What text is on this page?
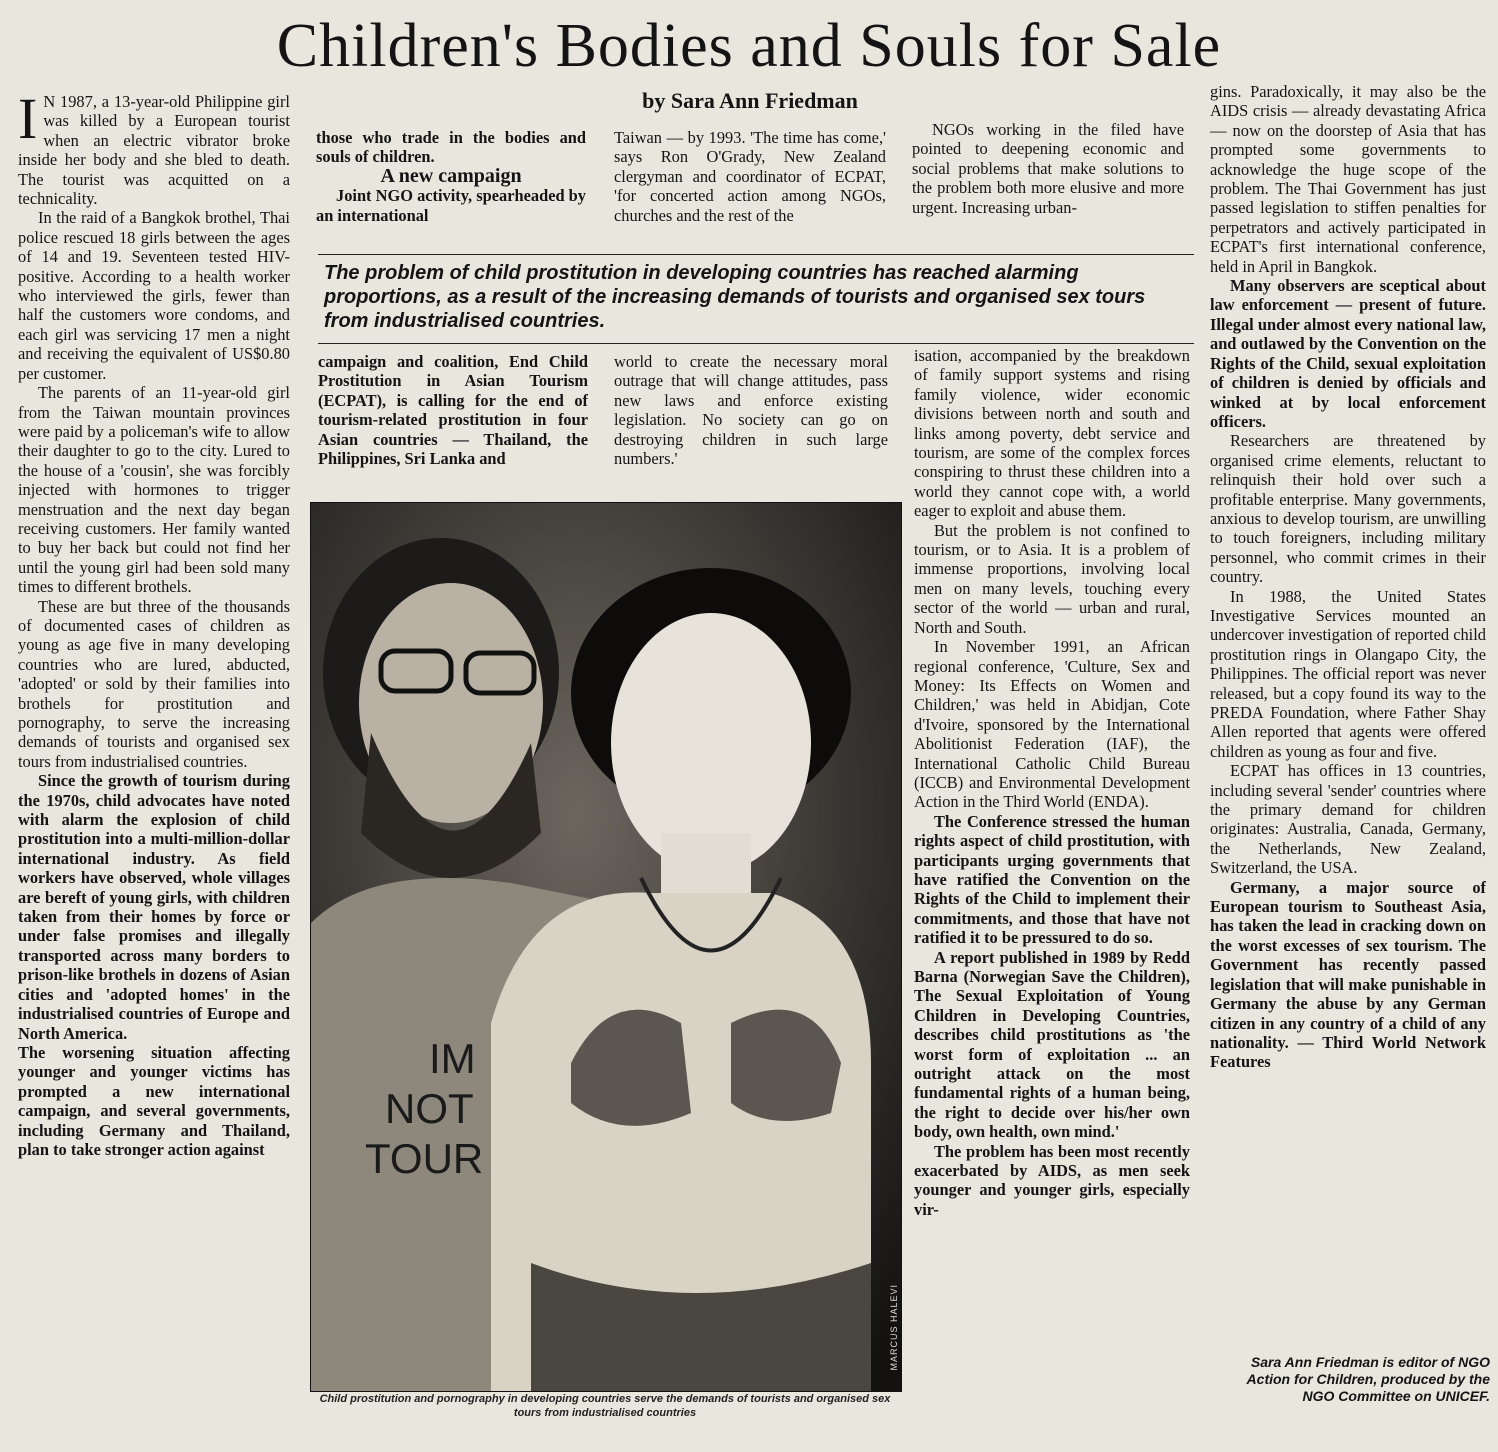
Children's Bodies and Souls for Sale
by Sara Ann Friedman

I N 1987, a 13-year-old Philippine girl was killed by a European tourist when an electric vibrator broke inside her body and she bled to death. The tourist was acquitted on a technicality.

In the raid of a Bangkok brothel, Thai police rescued 18 girls between the ages of 14 and 19. Seventeen tested HIV-positive. According to a health worker who interviewed the girls, fewer than half the customers wore condoms, and each girl was servicing 17 men a night and receiving the equivalent of US$0.80 per customer.

The parents of an 11-year-old girl from the Taiwan mountain provinces were paid by a policeman's wife to allow their daughter to go to the city. Lured to the house of a 'cousin', she was forcibly injected with hormones to trigger menstruation and the next day began receiving customers. Her family wanted to buy her back but could not find her until the young girl had been sold many times to different brothels.

These are but three of the thousands of documented cases of children as young as age five in many developing countries who are lured, abducted, 'adopted' or sold by their families into brothels for prostitution and pornography, to serve the increasing demands of tourists and organised sex tours from industrialised countries.

Since the growth of tourism during the 1970s, child advocates have noted with alarm the explosion of child prostitution into a multi-million-dollar international industry. As field workers have observed, whole villages are bereft of young girls, with children taken from their homes by force or under false promises and illegally transported across many borders to prison-like brothels in dozens of Asian cities and 'adopted homes' in the industrialised countries of Europe and North America.

The worsening situation affecting younger and younger victims has prompted a new international campaign, and several governments, including Germany and Thailand, plan to take stronger action against

those who trade in the bodies and souls of children.

A new campaign

Joint NGO activity, spearheaded by an international

Taiwan — by 1993. 'The time has come,' says Ron O'Grady, New Zealand clergyman and coordinator of ECPAT, 'for concerted action among NGOs, churches and the rest of the

NGOs working in the filed have pointed to deepening economic and social problems that make solutions to the problem both more elusive and more urgent. Increasing urban-

The problem of child prostitution in developing countries has reached alarming proportions, as a result of the increasing demands of tourists and organised sex tours from industrialised countries.

campaign and coalition, End Child Prostitution in Asian Tourism (ECPAT), is calling for the end of tourism-related prostitution in four Asian countries — Thailand, the Philippines, Sri Lanka and

world to create the necessary moral outrage that will change attitudes, pass new laws and enforce existing legislation. No society can go on destroying children in such large numbers.'

IM
NOT
TOUR
MARCUS HALEVI
Child prostitution and pornography in developing countries serve the demands of tourists and organised sex tours from industrialised countries

isation, accompanied by the breakdown of family support systems and rising family violence, wider economic divisions between north and south and links among poverty, debt service and tourism, are some of the complex forces conspiring to thrust these children into a world they cannot cope with, a world eager to exploit and abuse them.

But the problem is not confined to tourism, or to Asia. It is a problem of immense proportions, involving local men on many levels, touching every sector of the world — urban and rural, North and South.

In November 1991, an African regional conference, 'Culture, Sex and Money: Its Effects on Women and Children,' was held in Abidjan, Cote d'Ivoire, sponsored by the International Abolitionist Federation (IAF), the International Catholic Child Bureau (ICCB) and Environmental Development Action in the Third World (ENDA).

The Conference stressed the human rights aspect of child prostitution, with participants urging governments that have ratified the Convention on the Rights of the Child to implement their commitments, and those that have not ratified it to be pressured to do so.

A report published in 1989 by Redd Barna (Norwegian Save the Children), The Sexual Exploitation of Young Children in Developing Countries, describes child prostitutions as 'the worst form of exploitation ... an outright attack on the most fundamental rights of a human being, the right to decide over his/her own body, own health, own mind.'

The problem has been most recently exacerbated by AIDS, as men seek younger and younger girls, especially vir-

gins. Paradoxically, it may also be the AIDS crisis — already devastating Africa — now on the doorstep of Asia that has prompted some governments to acknowledge the huge scope of the problem. The Thai Government has just passed legislation to stiffen penalties for perpetrators and actively participated in ECPAT's first international conference, held in April in Bangkok.

Many observers are sceptical about law enforcement — present of future. Illegal under almost every national law, and outlawed by the Convention on the Rights of the Child, sexual exploitation of children is denied by officials and winked at by local enforcement officers.

Researchers are threatened by organised crime elements, reluctant to relinquish their hold over such a profitable enterprise. Many governments, anxious to develop tourism, are unwilling to touch foreigners, including military personnel, who commit crimes in their country.

In 1988, the United States Investigative Services mounted an undercover investigation of reported child prostitution rings in Olangapo City, the Philippines. The official report was never released, but a copy found its way to the PREDA Foundation, where Father Shay Allen reported that agents were offered children as young as four and five.

ECPAT has offices in 13 countries, including several 'sender' countries where the primary demand for children originates: Australia, Canada, Germany, the Netherlands, New Zealand, Switzerland, the USA.

Germany, a major source of European tourism to Southeast Asia, has taken the lead in cracking down on the worst excesses of sex tourism. The Government has recently passed legislation that will make punishable in Germany the abuse by any German citizen in any country of a child of any nationality. — Third World Network Features

Sara Ann Friedman is editor of NGO Action for Children, produced by the NGO Committee on UNICEF.
